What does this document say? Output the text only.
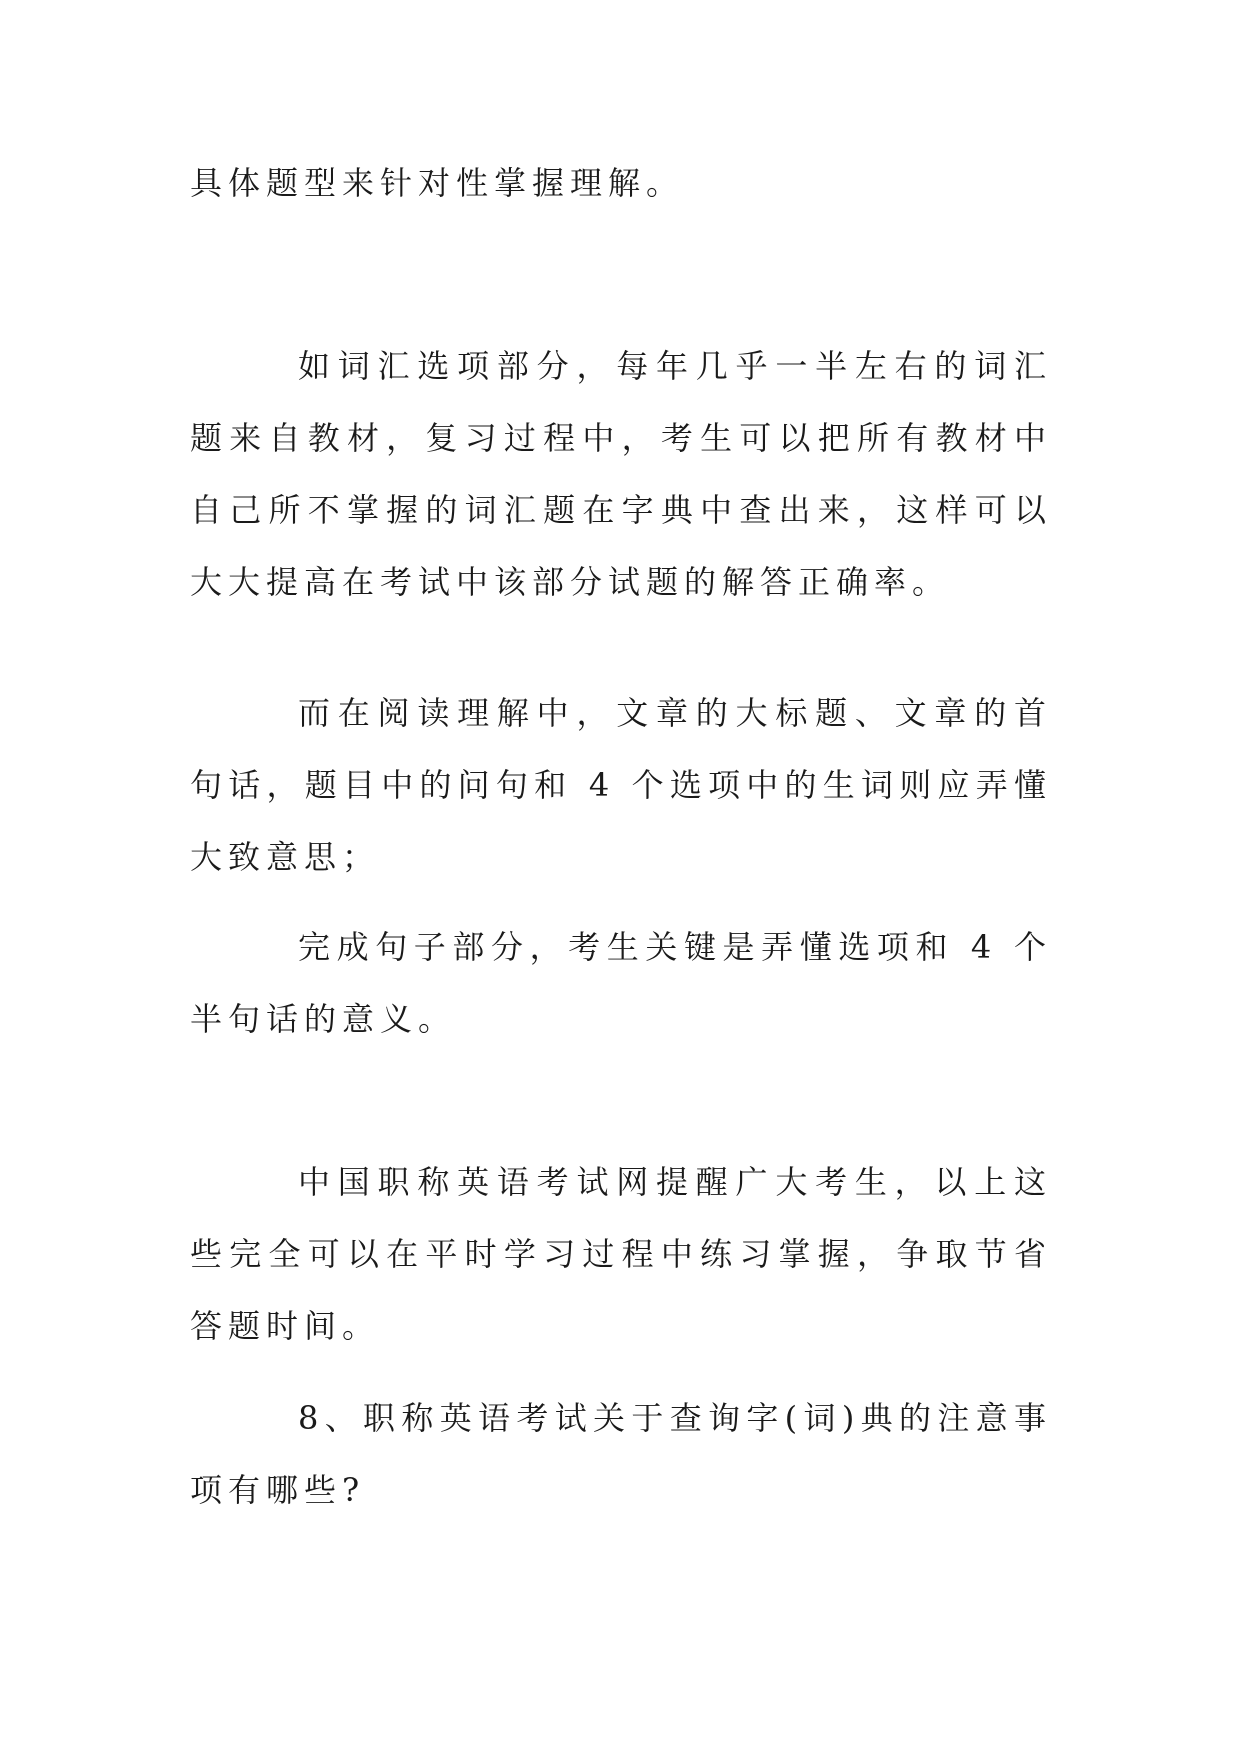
具体题型来针对性掌握理解。

如词汇选项部分，每年几乎一半左右的词汇题来自教材，复习过程中，考生可以把所有教材中自己所不掌握的词汇题在字典中查出来，这样可以大大提高在考试中该部分试题的解答正确率。

而在阅读理解中，文章的大标题、文章的首句话，题目中的问句和 4 个选项中的生词则应弄懂大致意思；

完成句子部分，考生关键是弄懂选项和 4 个半句话的意义。

中国职称英语考试网提醒广大考生，以上这些完全可以在平时学习过程中练习掌握，争取节省答题时间。

8、职称英语考试关于查询字(词)典的注意事项有哪些?
